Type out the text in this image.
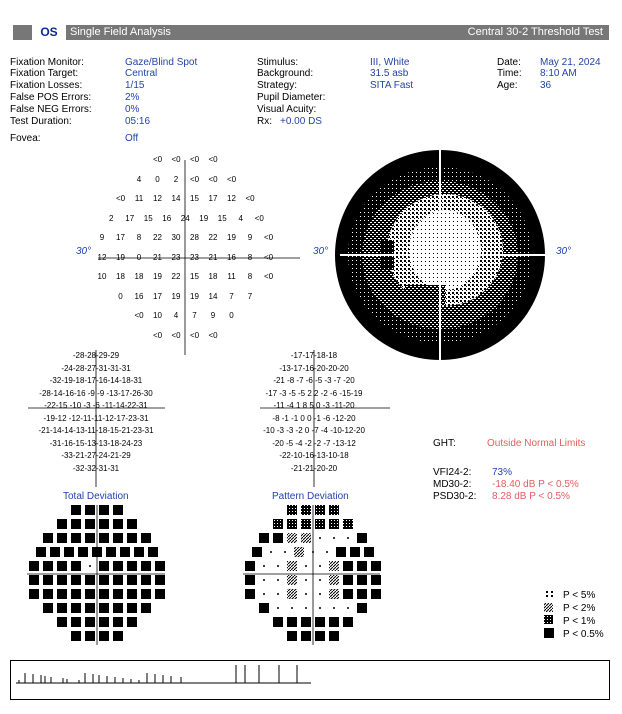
OS	Single Field Analysis	Central 30-2 Threshold Test
Fixation Monitor:	Gaze/Blind Spot
Fixation Target:	Central
Fixation Losses:	1/15
False POS Errors:	2%
False NEG Errors:	0%
Test Duration:	05:16
Fovea:	Off
Stimulus:	III, White
Background:	31.5 asb
Strategy:	SITA Fast
Pupil Diameter:
Visual Acuity:
Rx: +0.00 DS
Date: May 21, 2024
Time: 8:10 AM
Age: 36
<0	<0	<0	<0
4	0	2	<0	<0	<0
<0	11	12	14	15	17	12	<0
2	17	15	16	24	19	15	4	<0
9	17	8	22	30	28	22	19	9	<0
12	19	0	21	23	23	21	16	8	<0
10	18	18	19	22	15	18	11	8	<0
0	16	17	19	19	14	7	7
<0	10	4	7	9	0
<0	<0	<0	<0
30°	30°	30°
-28-28-29-29
-24-28-27-31-31-31
-32-19-18-17-16-14-18-31
-28-14-16-16 -9 -9 -13-17-26-30
-22-15 -10 -3 -6 -11-14-22-31
-19-12 -12-11-11-12-17-23-31
-21-14-14-13-11-18-15-21-23-31
-31-16-15-13-13-18-24-23
-33-21-27-24-21-29
-32-32-31-31
-17-17-18-18
-13-17-16-20-20-20
-21 -8 -7 -6 -5 -3 -7 -20
-17 -3 -5 -5 2 2 -2 -6 -15-19
-11 -4 1 8 5 0 -3 -11-20
-8 -1 -1 0 0 -1 -6 -12-20
-10 -3 -3 -2 0 -7 -4 -10-12-20
-20 -5 -4 -2 -2 -7 -13-12
-22-10-16-13-10-18
-21-21-20-20
Total Deviation	Pattern Deviation
GHT:	Outside Normal Limits
VFI24-2: 73%
MD30-2: -18.40 dB P < 0.5%
PSD30-2: 8.28 dB P < 0.5%
P < 5%
P < 2%
P < 1%
P < 0.5%
